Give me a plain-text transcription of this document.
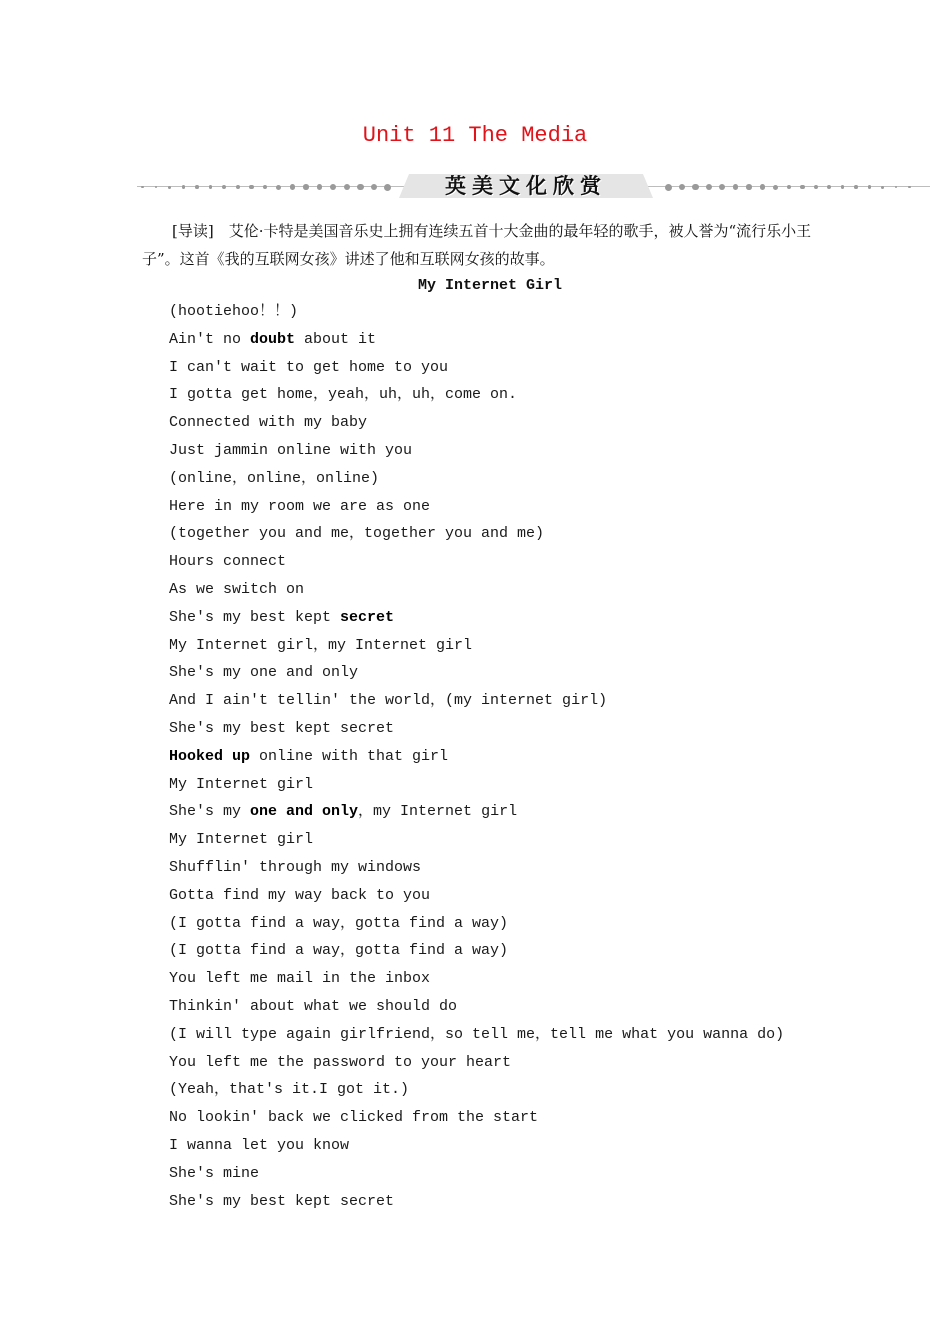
Unit 11 The Media
英美文化欣赏
[导读]　艾伦·卡特是美国音乐史上拥有连续五首十大金曲的最年轻的歌手，被人誉为“流行乐小王子”。这首《我的互联网女孩》讲述了他和互联网女孩的故事。
My Internet Girl
(hootiehoo！！)
Ain't no doubt about it
I can't wait to get home to you
I gotta get home，yeah，uh，uh，come on.
Connected with my baby
Just jammin online with you
(online，online，online)
Here in my room we are as one
(together you and me，together you and me)
Hours connect
As we switch on
She's my best kept secret
My Internet girl，my Internet girl
She's my one and only
And I ain't tellin' the world，(my internet girl)
She's my best kept secret
Hooked up online with that girl
My Internet girl
She's my one and only，my Internet girl
My Internet girl
Shufflin' through my windows
Gotta find my way back to you
(I gotta find a way，gotta find a way)
(I gotta find a way，gotta find a way)
You left me mail in the inbox
Thinkin' about what we should do
(I will type again girlfriend，so tell me，tell me what you wanna do)
You left me the password to your heart
(Yeah，that's it.I got it.)
No lookin' back we clicked from the start
I wanna let you know
She's mine
She's my best kept secret
